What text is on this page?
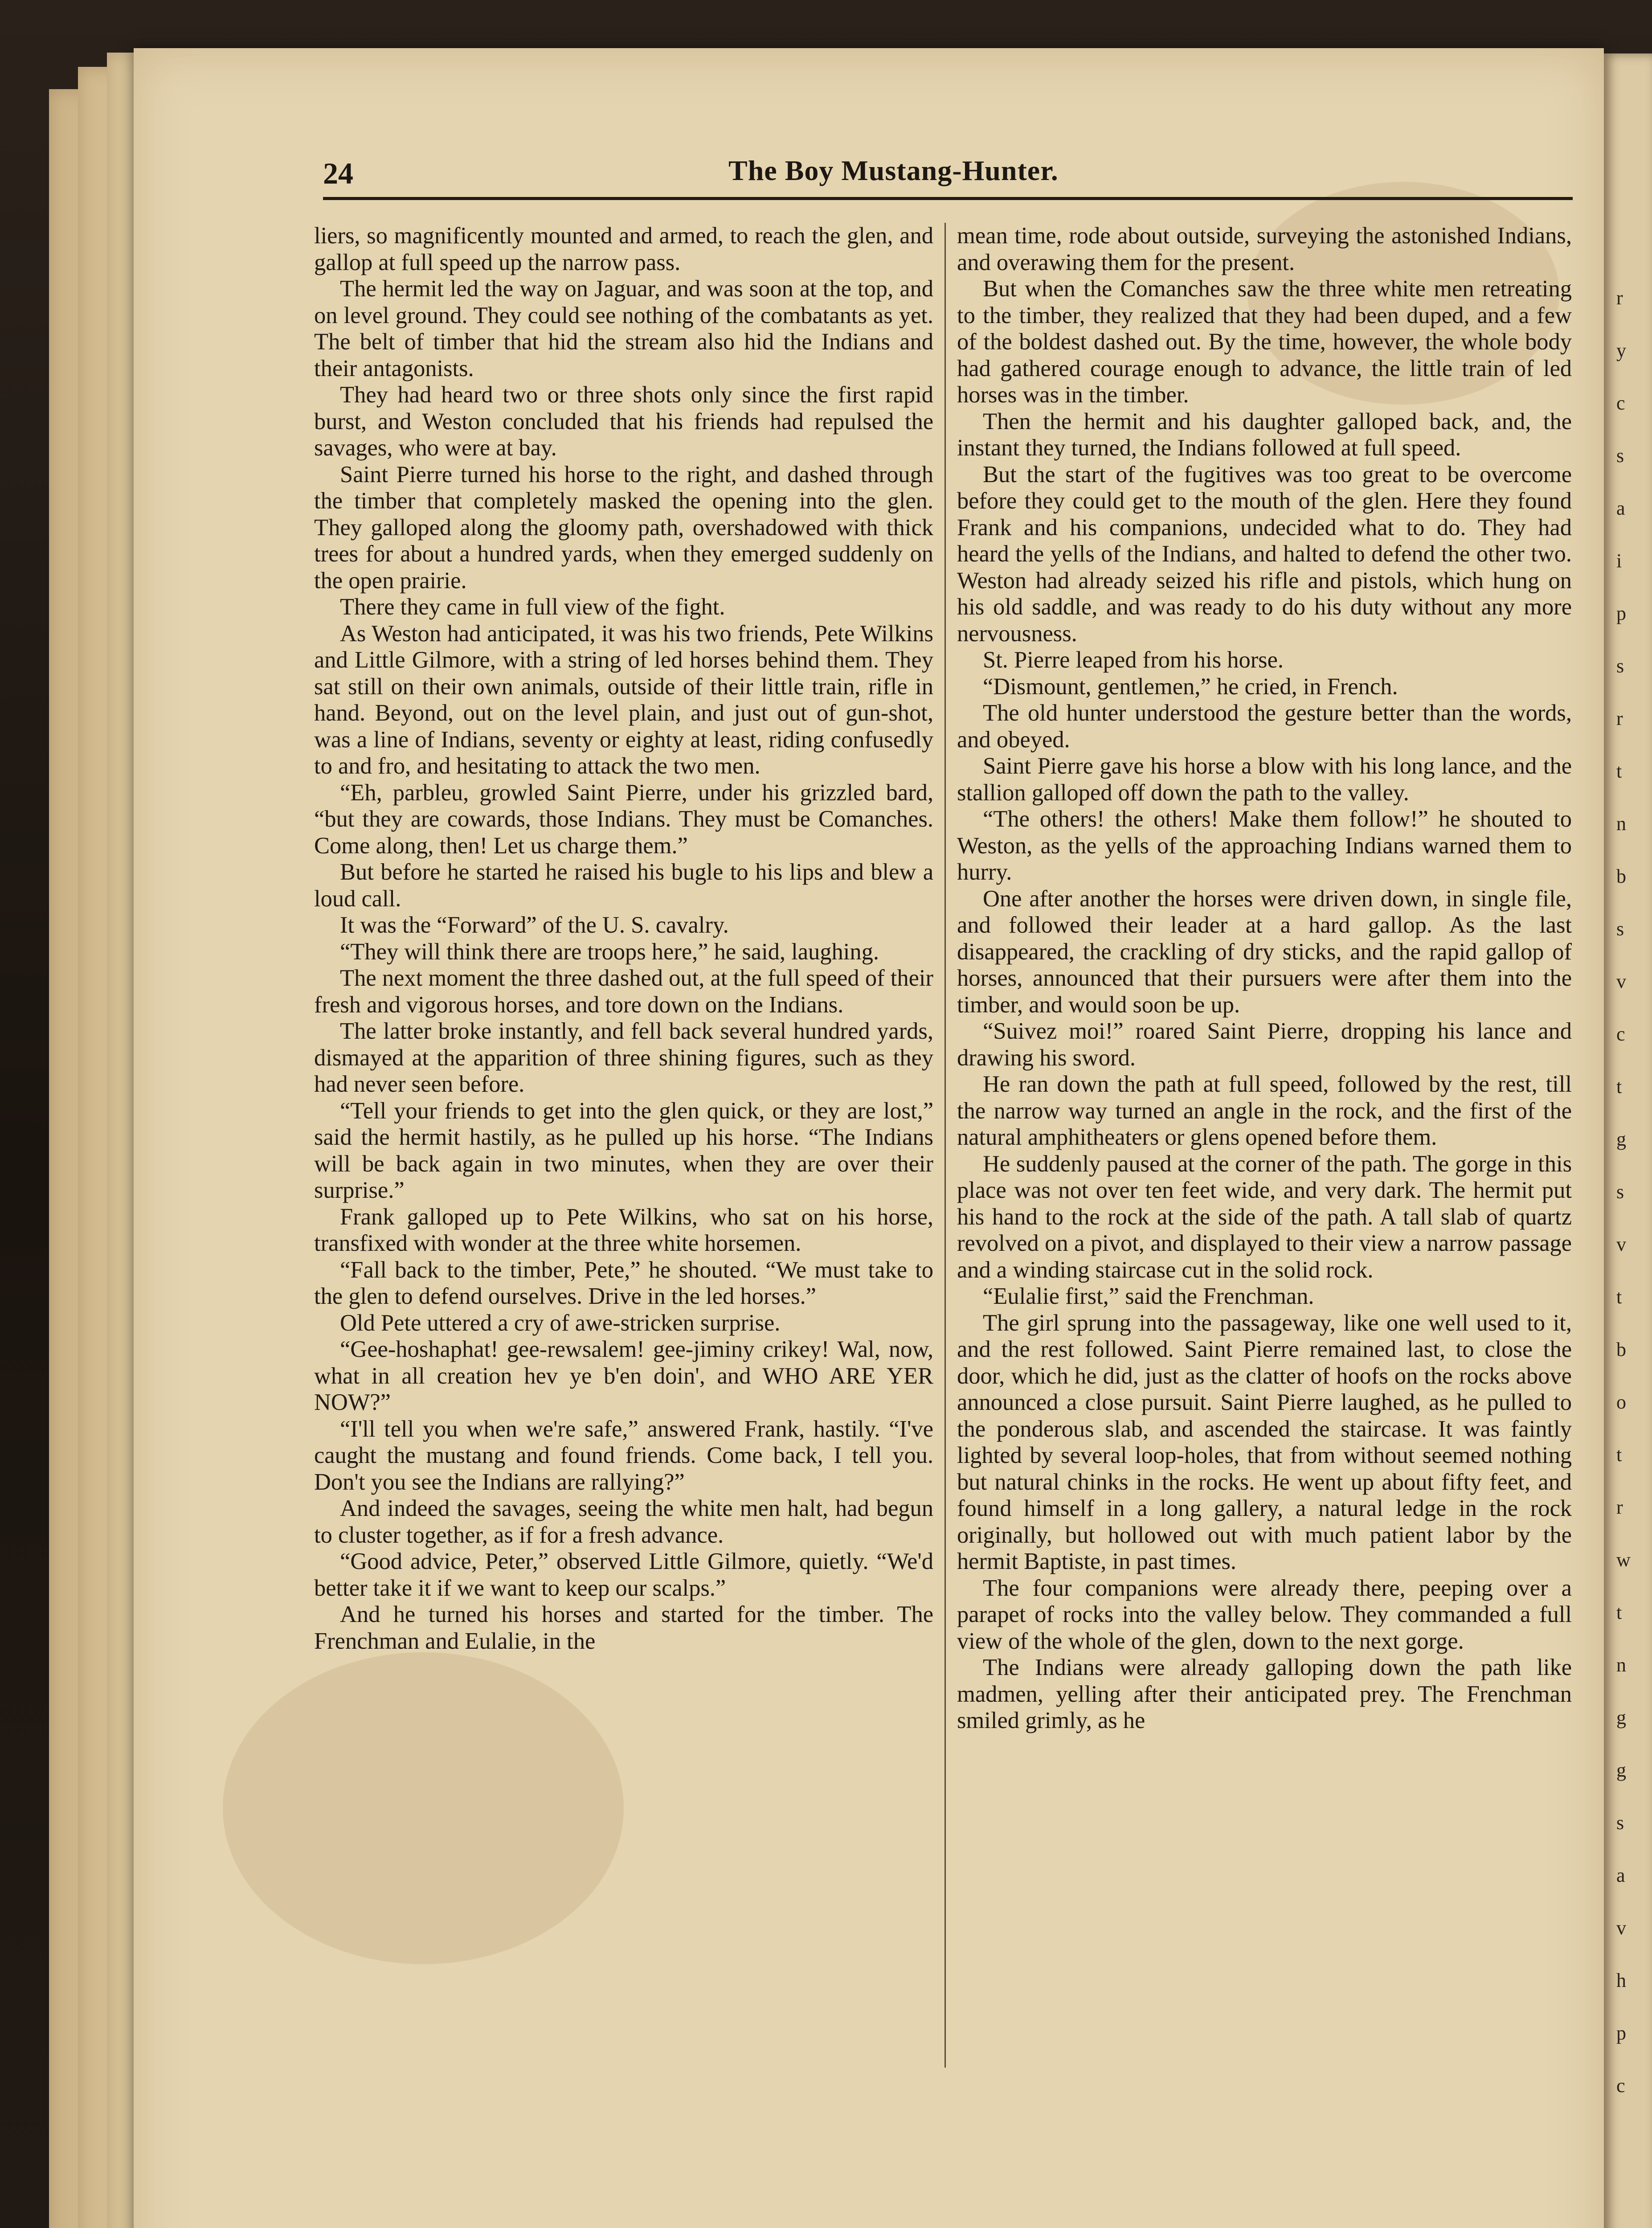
r
y
c
s
a
i
p
s
r
t
n
b
s
v
c
t
g
s
v
t
b
o
t
r
w
t
n
g
g
s
a
v
h
p
c
24	The Boy Mustang-Hunter.

liers, so magnificently mounted and armed, to reach the glen, and gallop at full speed up the narrow pass.

The hermit led the way on Jaguar, and was soon at the top, and on level ground. They could see nothing of the combatants as yet. The belt of timber that hid the stream also hid the Indians and their antagonists.

They had heard two or three shots only since the first rapid burst, and Weston concluded that his friends had repulsed the savages, who were at bay.

Saint Pierre turned his horse to the right, and dashed through the timber that completely masked the opening into the glen. They galloped along the gloomy path, overshadowed with thick trees for about a hundred yards, when they emerged suddenly on the open prairie.

There they came in full view of the fight.

As Weston had anticipated, it was his two friends, Pete Wilkins and Little Gilmore, with a string of led horses behind them. They sat still on their own animals, outside of their little train, rifle in hand. Beyond, out on the level plain, and just out of gun-shot, was a line of Indians, seventy or eighty at least, riding confusedly to and fro, and hesitating to attack the two men.

“Eh, parbleu, growled Saint Pierre, under his grizzled bard, “but they are cowards, those Indians. They must be Comanches. Come along, then! Let us charge them.”

But before he started he raised his bugle to his lips and blew a loud call.

It was the “Forward” of the U. S. cavalry.

“They will think there are troops here,” he said, laughing.

The next moment the three dashed out, at the full speed of their fresh and vigorous horses, and tore down on the Indians.

The latter broke instantly, and fell back several hundred yards, dismayed at the apparition of three shining figures, such as they had never seen before.

“Tell your friends to get into the glen quick, or they are lost,” said the hermit hastily, as he pulled up his horse. “The Indians will be back again in two minutes, when they are over their surprise.”

Frank galloped up to Pete Wilkins, who sat on his horse, transfixed with wonder at the three white horsemen.

“Fall back to the timber, Pete,” he shouted. “We must take to the glen to defend ourselves. Drive in the led horses.”

Old Pete uttered a cry of awe-stricken surprise.

“Gee-hoshaphat! gee-rewsalem! gee-jiminy crikey! Wal, now, what in all creation hev ye b'en doin', and WHO ARE YER NOW?”

“I'll tell you when we're safe,” answered Frank, hastily. “I've caught the mustang and found friends. Come back, I tell you. Don't you see the Indians are rallying?”

And indeed the savages, seeing the white men halt, had begun to cluster together, as if for a fresh advance.

“Good advice, Peter,” observed Little Gilmore, quietly. “We'd better take it if we want to keep our scalps.”

And he turned his horses and started for the timber. The Frenchman and Eulalie, in the

mean time, rode about outside, surveying the astonished Indians, and overawing them for the present.

But when the Comanches saw the three white men retreating to the timber, they realized that they had been duped, and a few of the boldest dashed out. By the time, however, the whole body had gathered courage enough to advance, the little train of led horses was in the timber.

Then the hermit and his daughter galloped back, and, the instant they turned, the Indians followed at full speed.

But the start of the fugitives was too great to be overcome before they could get to the mouth of the glen. Here they found Frank and his companions, undecided what to do. They had heard the yells of the Indians, and halted to defend the other two. Weston had already seized his rifle and pistols, which hung on his old saddle, and was ready to do his duty without any more nervousness.

St. Pierre leaped from his horse.

“Dismount, gentlemen,” he cried, in French.

The old hunter understood the gesture better than the words, and obeyed.

Saint Pierre gave his horse a blow with his long lance, and the stallion galloped off down the path to the valley.

“The others! the others! Make them follow!” he shouted to Weston, as the yells of the approaching Indians warned them to hurry.

One after another the horses were driven down, in single file, and followed their leader at a hard gallop. As the last disappeared, the crackling of dry sticks, and the rapid gallop of horses, announced that their pursuers were after them into the timber, and would soon be up.

“Suivez moi!” roared Saint Pierre, dropping his lance and drawing his sword.

He ran down the path at full speed, followed by the rest, till the narrow way turned an angle in the rock, and the first of the natural amphitheaters or glens opened before them.

He suddenly paused at the corner of the path. The gorge in this place was not over ten feet wide, and very dark. The hermit put his hand to the rock at the side of the path. A tall slab of quartz revolved on a pivot, and displayed to their view a narrow passage and a winding staircase cut in the solid rock.

“Eulalie first,” said the Frenchman.

The girl sprung into the passageway, like one well used to it, and the rest followed. Saint Pierre remained last, to close the door, which he did, just as the clatter of hoofs on the rocks above announced a close pursuit. Saint Pierre laughed, as he pulled to the ponderous slab, and ascended the staircase. It was faintly lighted by several loop-holes, that from without seemed nothing but natural chinks in the rocks. He went up about fifty feet, and found himself in a long gallery, a natural ledge in the rock originally, but hollowed out with much patient labor by the hermit Baptiste, in past times.

The four companions were already there, peeping over a parapet of rocks into the valley below. They commanded a full view of the whole of the glen, down to the next gorge.

The Indians were already galloping down the path like madmen, yelling after their anticipated prey. The Frenchman smiled grimly, as he
